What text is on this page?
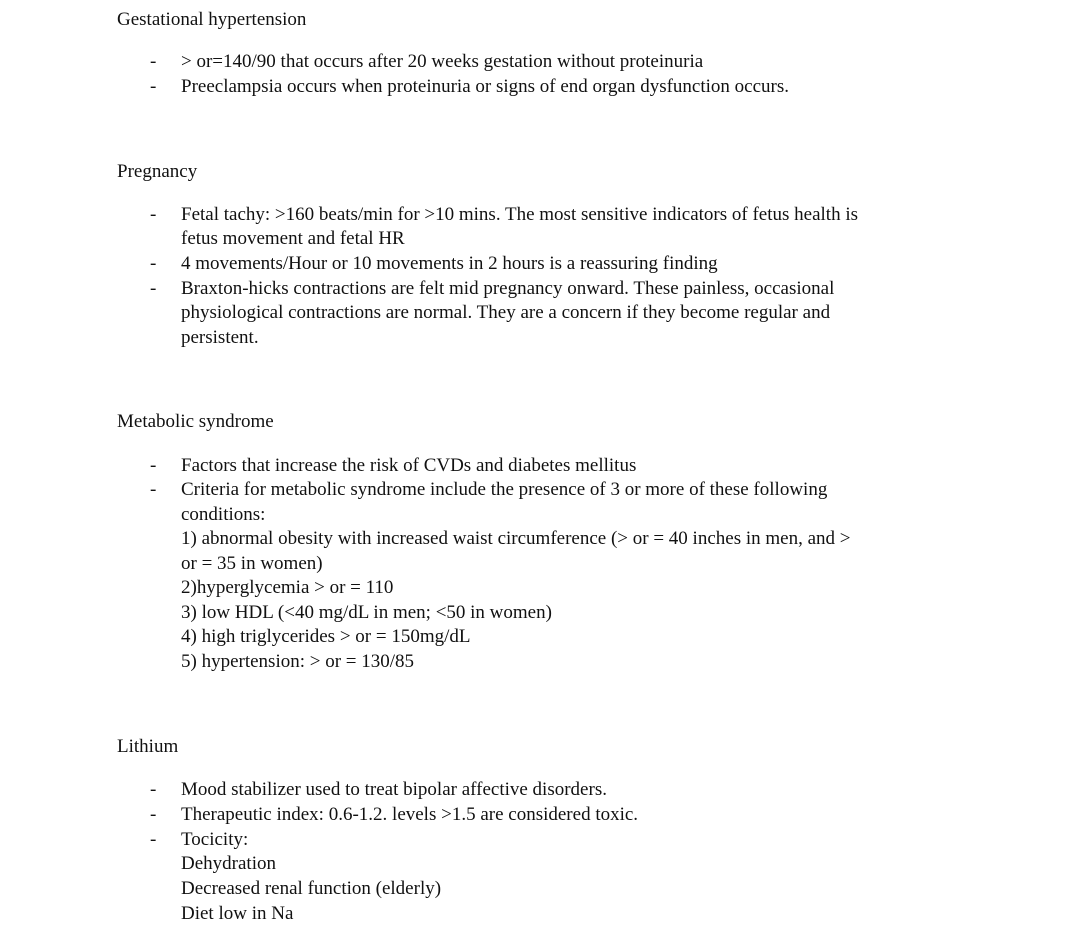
Gestational hypertension
- > or=140/90 that occurs after 20 weeks gestation without proteinuria
- Preeclampsia occurs when proteinuria or signs of end organ dysfunction occurs.
Pregnancy
- Fetal tachy: >160 beats/min for >10 mins. The most sensitive indicators of fetus health is
fetus movement and fetal HR
- 4 movements/Hour or 10 movements in 2 hours is a reassuring finding
- Braxton-hicks contractions are felt mid pregnancy onward. These painless, occasional
physiological contractions are normal. They are a concern if they become regular and
persistent.
Metabolic syndrome
- Factors that increase the risk of CVDs and diabetes mellitus
- Criteria for metabolic syndrome include the presence of 3 or more of these following
conditions:
1) abnormal obesity with increased waist circumference (> or = 40 inches in men, and >
or = 35 in women)
2)hyperglycemia > or = 110
3) low HDL (<40 mg/dL in men; <50 in women)
4) high triglycerides > or = 150mg/dL
5) hypertension: > or = 130/85
Lithium
- Mood stabilizer used to treat bipolar affective disorders.
- Therapeutic index: 0.6-1.2. levels >1.5 are considered toxic.
- Tocicity:
Dehydration
Decreased renal function (elderly)
Diet low in Na
